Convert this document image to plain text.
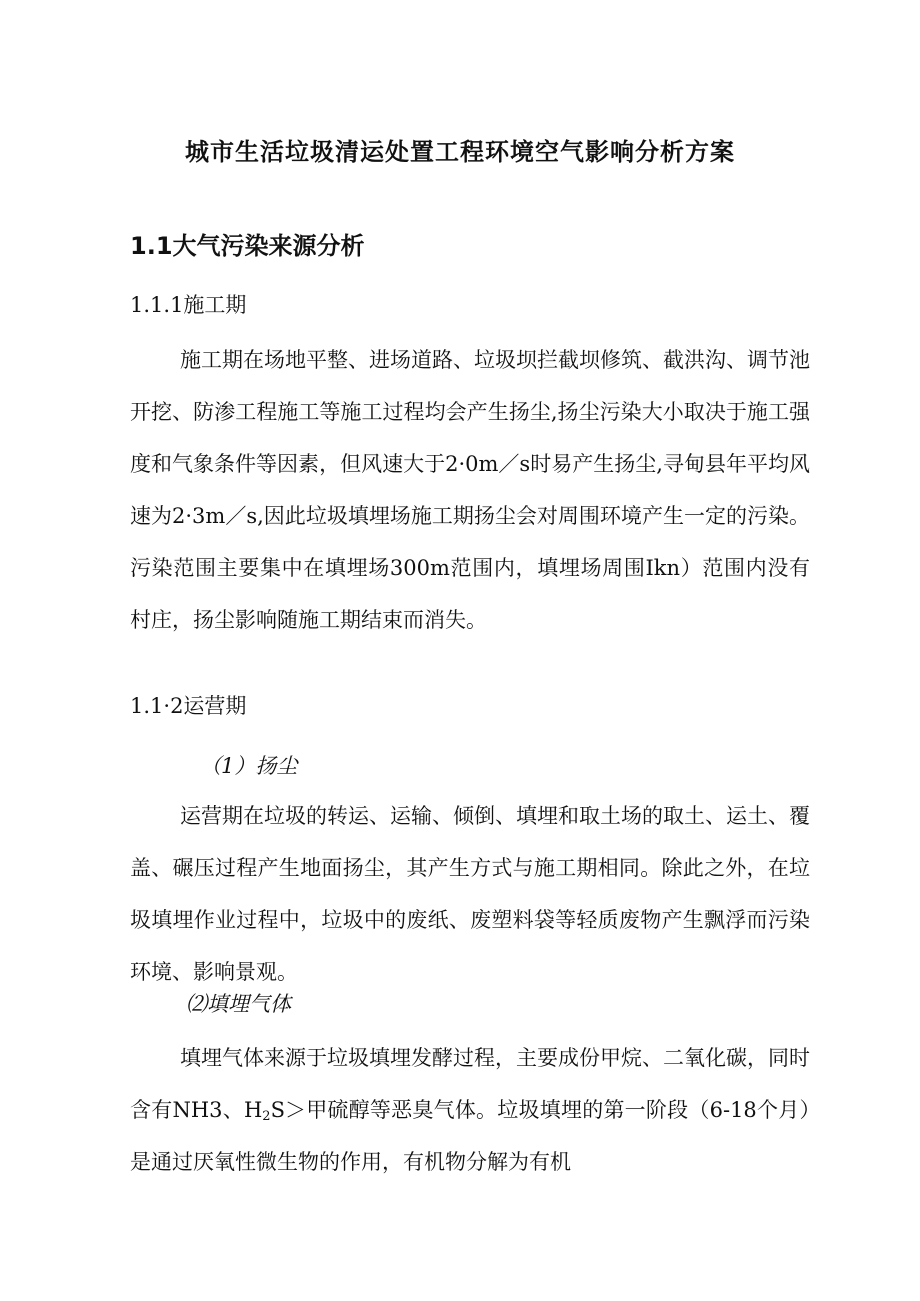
城市生活垃圾清运处置工程环境空气影响分析方案
1.1大气污染来源分析
1.1.1施工期

施工期在场地平整、进场道路、垃圾坝拦截坝修筑、截洪沟、调节池开挖、防渗工程施工等施工过程均会产生扬尘,扬尘污染大小取决于施工强度和气象条件等因素，但风速大于2·0m／s时易产生扬尘,寻甸县年平均风速为2·3m／s,因此垃圾填埋场施工期扬尘会对周围环境产生一定的污染。污染范围主要集中在填埋场300m范围内，填埋场周围Ikn）范围内没有村庄，扬尘影响随施工期结束而消失。

1.1·2运营期
（1）扬尘

运营期在垃圾的转运、运输、倾倒、填埋和取土场的取土、运土、覆盖、碾压过程产生地面扬尘，其产生方式与施工期相同。除此之外，在垃圾填埋作业过程中，垃圾中的废纸、废塑料袋等轻质废物产生飘浮而污染环境、影响景观。

⑵填埋气体

填埋气体来源于垃圾填埋发酵过程，主要成份甲烷、二氧化碳，同时含有NH3、$H_2S>$甲硫醇等恶臭气体。垃圾填埋的第一阶段（6-18个月）是通过厌氧性微生物的作用，有机物分解为有机
